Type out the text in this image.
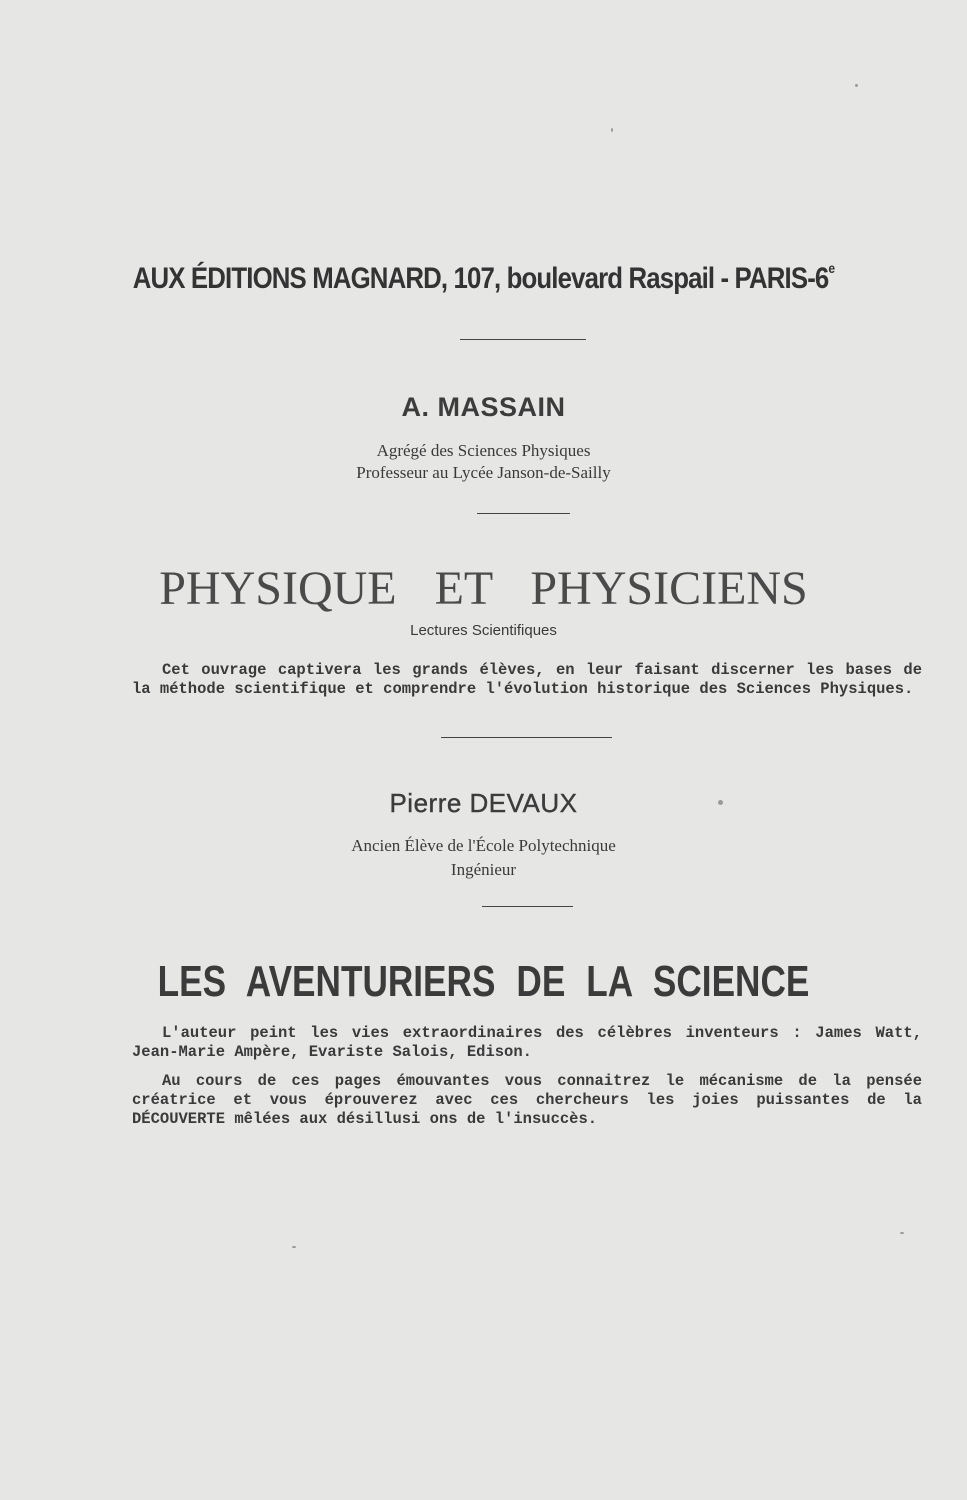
AUX ÉDITIONS MAGNARD, 107, boulevard Raspail - PARIS-6e
A. MASSAIN
Agrégé des Sciences Physiques
Professeur au Lycée Janson-de-Sailly
PHYSIQUE ET PHYSICIENS
Lectures Scientifiques

Cet ouvrage captivera les grands élèves, en leur faisant discerner les bases de la méthode scientifique et comprendre l'évolution historique des Sciences Physiques.

Pierre DEVAUX
Ancien Élève de l'École Polytechnique
Ingénieur
LES AVENTURIERS DE LA SCIENCE

L'auteur peint les vies extraordinaires des célèbres inventeurs : James Watt, Jean-Marie Ampère, Evariste Salois, Edison.

Au cours de ces pages émouvantes vous connaitrez le mécanisme de la pensée créatrice et vous éprouverez avec ces chercheurs les joies puissantes de la DÉCOUVERTE mêlées aux désillusi ons de l'insuccès.
